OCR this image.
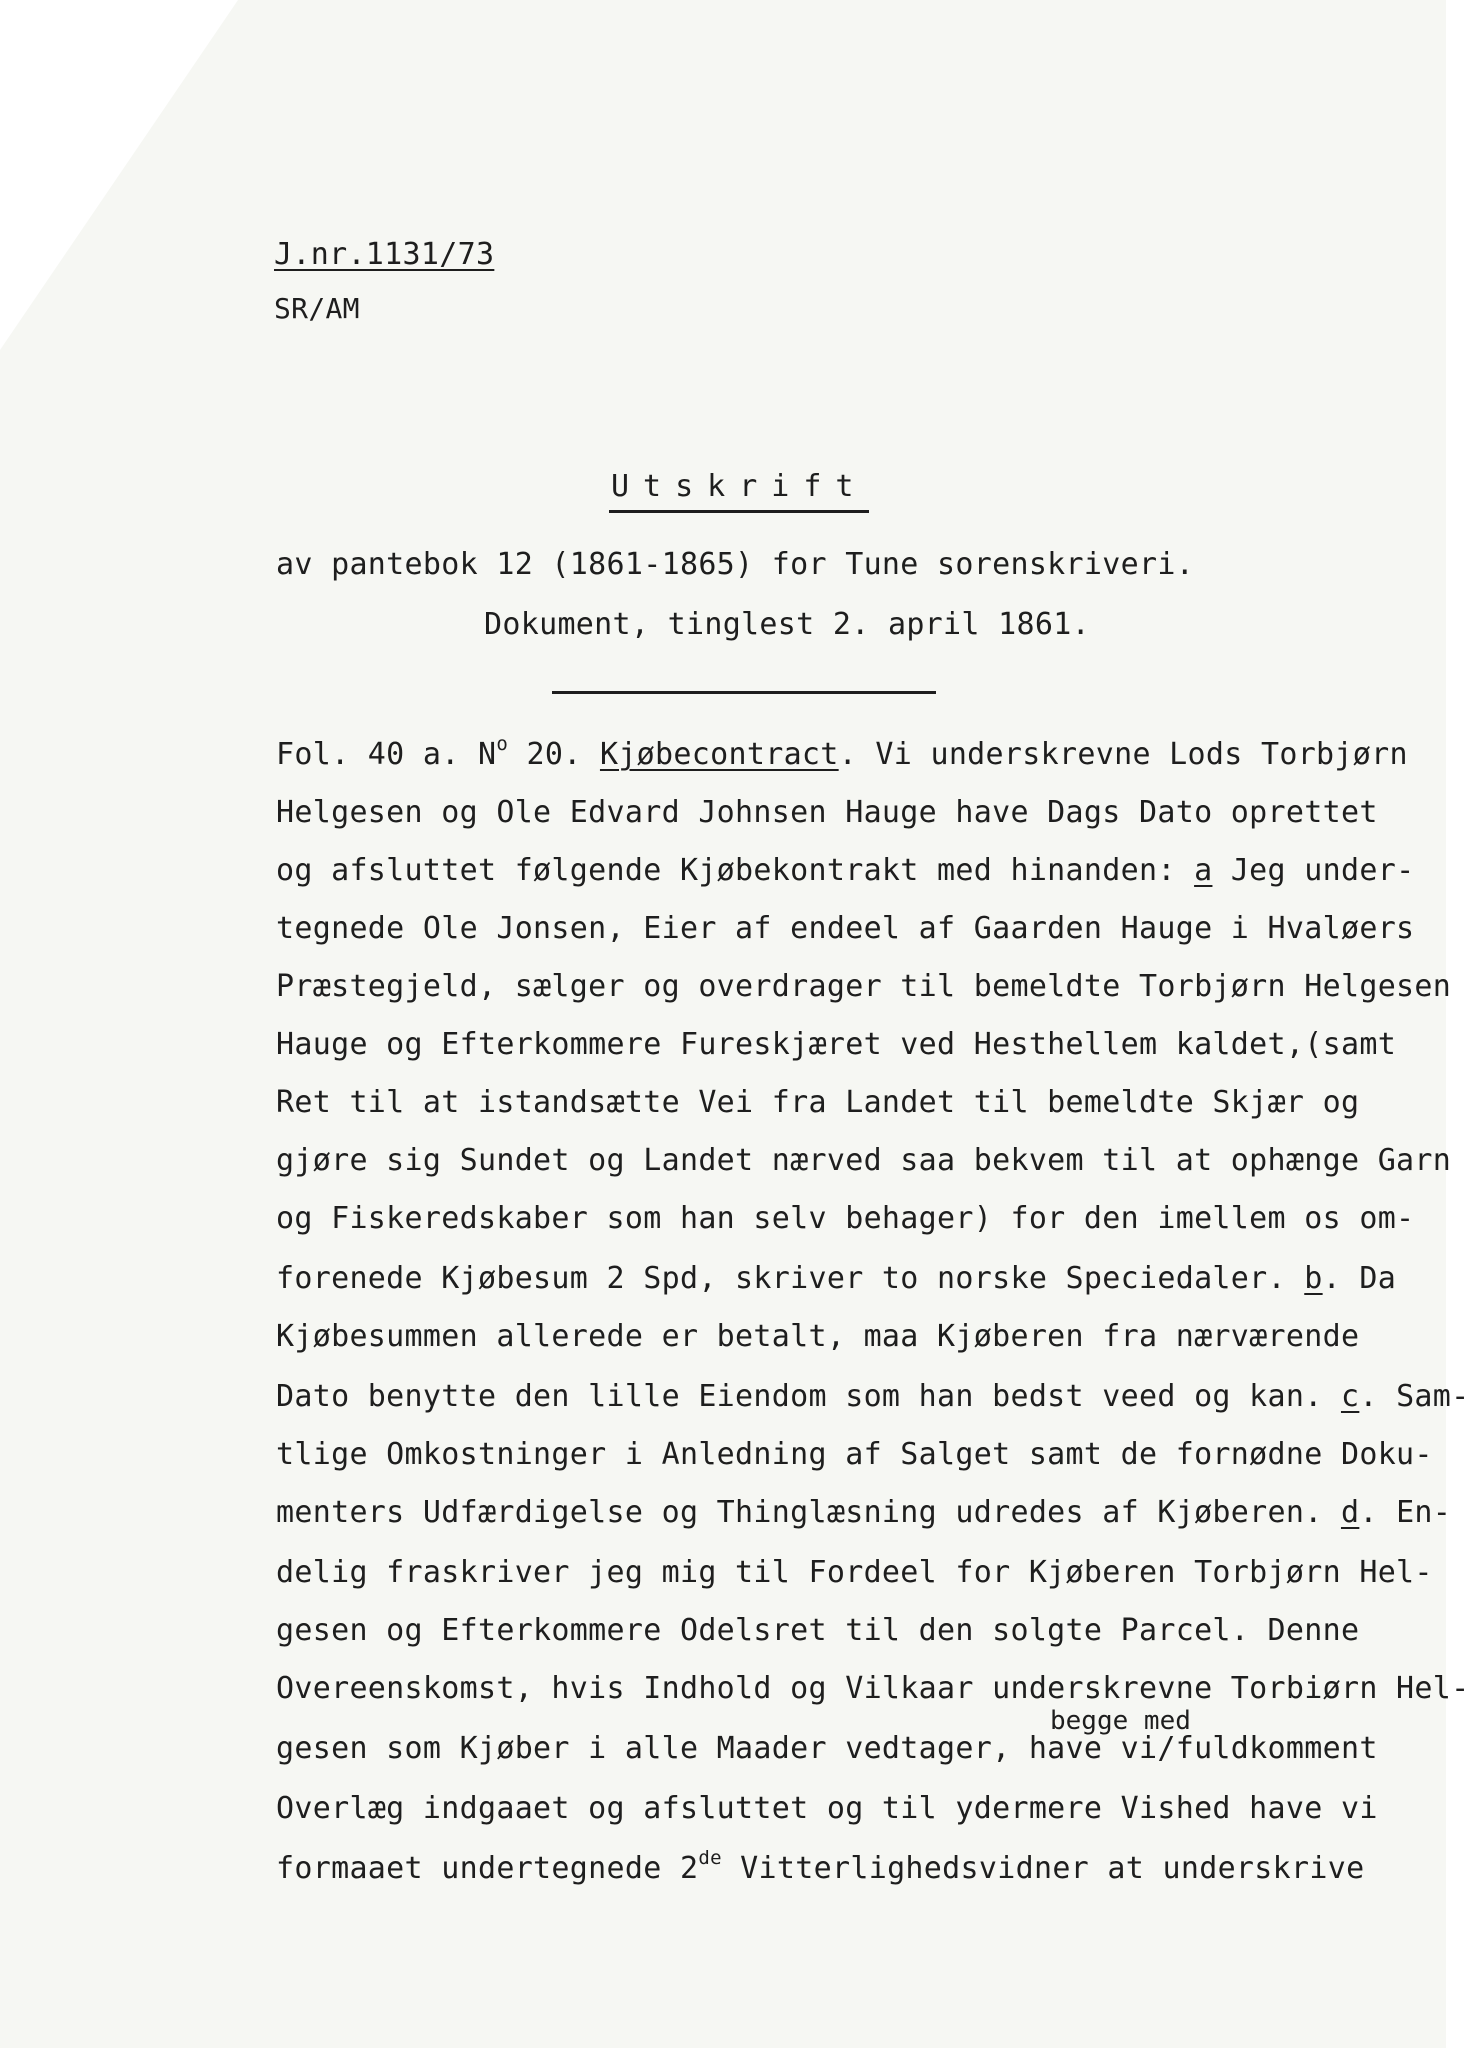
J.nr.1131/73
SR/AM
Utskrift
av pantebok 12 (1861-1865) for Tune sorenskriveri.
Dokument, tinglest 2. april 1861.
Fol. 40 a. $N^o$ 20. Kjøbecontract. Vi underskrevne Lods Torbjørn
Helgesen og Ole Edvard Johnsen Hauge have Dags Dato oprettet
og afsluttet følgende Kjøbekontrakt med hinanden: a Jeg under-
tegnede Ole Jonsen, Eier af endeel af Gaarden Hauge i Hvaløers
Præstegjeld, sælger og overdrager til bemeldte Torbjørn Helgesen
Hauge og Efterkommere Fureskjæret ved Hesthellem kaldet,(samt
Ret til at istandsætte Vei fra Landet til bemeldte Skjær og
gjøre sig Sundet og Landet nærved saa bekvem til at ophænge Garn
og Fiskeredskaber som han selv behager) for den imellem os om-
forenede Kjøbesum 2 Spd, skriver to norske Speciedaler. b. Da
Kjøbesummen allerede er betalt, maa Kjøberen fra nærværende
Dato benytte den lille Eiendom som han bedst veed og kan. c. Sam-
tlige Omkostninger i Anledning af Salget samt de fornødne Doku-
menters Udfærdigelse og Thinglæsning udredes af Kjøberen. d. En-
delig fraskriver jeg mig til Fordeel for Kjøberen Torbjørn Hel-
gesen og Efterkommere Odelsret til den solgte Parcel. Denne
Overeenskomst, hvis Indhold og Vilkaar underskrevne Torbiørn Hel-
begge med
gesen som Kjøber i alle Maader vedtager, have vi/fuldkomment
Overlæg indgaaet og afsluttet og til ydermere Vished have vi
formaaet undertegnede 2de Vitterlighedsvidner at underskrive
